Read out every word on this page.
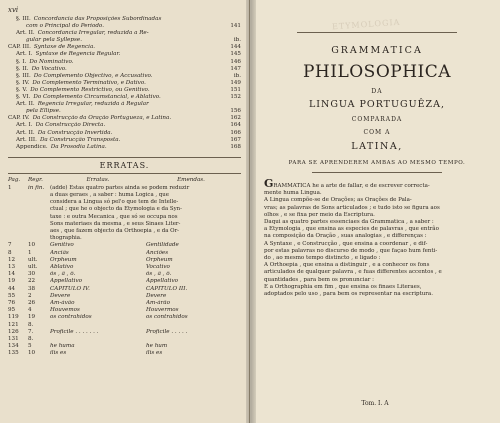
xvi
§. III. Concordancia das Proposições Subordinadas
com o Principal do Periodo.	141
Art. II. Concordancia Irregular, reduzida a Re-
gular pela Syllepse.	ib.
CAP. III. Syntaxe de Regencia.	144
Art. I. Syntaxe de Regencia Regular.	145
§. I. Do Nominativo.	146
§. II. Do Vocativo.	147
§. III. Do Complemento Objectivo, e Accusativo.	ib.
§. IV. Do Complemento Terminativo, e Dativo.	149
§. V. Do Complemento Restrictivo, ou Genitivo.	151
§. VI. Do Complemento Circumstancial, e Ablativo.	152
Art. II. Regencia Irregular, reduzida á Regular
pela Ellipse.	156
CAP. IV. Da Construcção da Oração Portugueza, e Latina.	162
Art. I. Da Construcção Directa.	164
Art. II. Da Construcção Invertida.	166
Art. III. Da Construcção Transposta.	167
Appendice. Da Prosodia Latina.	168
ERRATAS.
Pag.	Regr.	Erratas.	Emendas.
1	in fin.	(adde) Estas quatro partes ainda se podem reduzir
a duas geraes , a saber : huma Logica , que
considera a Lingua só pel'o que tem de Intelle-
ctual ; que he o objecto da Etymologia e da Syn-
taxe : e outra Mecanica , que só se occupa nos
Sons materiaes da mesma , e seus Sinaes Liter-
aes , que fazem objecto da Orthoepia , e da Or-
thographia.
7	10	Genitivo	Gentilidade
8	1	Anciãs	Anciões
12	ult.	Orpheum	Orpheum
13	ult.	Ablativo	Vocativo
14	30	õs , ã , ô.	õs , ã , ô.
19	22	Appellativo	Appellativo
44	38	CAPITULO IV.	CAPITULO III.
55	2	Devere	Devere
76	26	Am-ávão	Am-árão
95	4	Houvemos	Houvermos
119	19	os contrahidos	os contrahidos
121	8.
126	7.	Proficile . . . . . . .	Proficile . . . . .
131	8.
134	5	he huma	he hum
135	10	ilis es	ilis es
ETYMOLOGIA
GRAMMATICA
PHILOSOPHICA
DA
LINGUA PORTUGUÊZA,
COMPARADA
COM A
LATINA,
PARA SE APRENDEREM AMBAS AO MESMO TEMPO.
GRAMMATICA he a arte de fallar, e de escrever correcta-
mente huma Lingua.
A Lingua compõe-se de Orações; as Orações de Pala-
vras; as palavras de Sons articulados ; e tudo isto se figura aos
olhos , e se fixa per meio da Escriptura.
Daqui as quatro partes essenciaes da Grammatica , a saber :
a Etymologia , que ensina as especies de palavras , que entrão
na composição da Oração , suas analogias , e differenças :
A Syntaxe , e Construcção , que ensina a coordenar , e dif-
por estas palavras no discurso de modo , que façao hum fenti-
do , ao mesmo tempo distincto , e ligado :
A Orthoepia , que ensina a distinguir , e a conhecer os fons
articulados de qualquer palavra , e fuas differentes accentos , e
quantidades , para bem os pronunciar :
E a Orthographia em fim , que ensina os finaes Literaes,
adoptados pelo uso , para bem os representar na escriptura.
Tom. I. A
